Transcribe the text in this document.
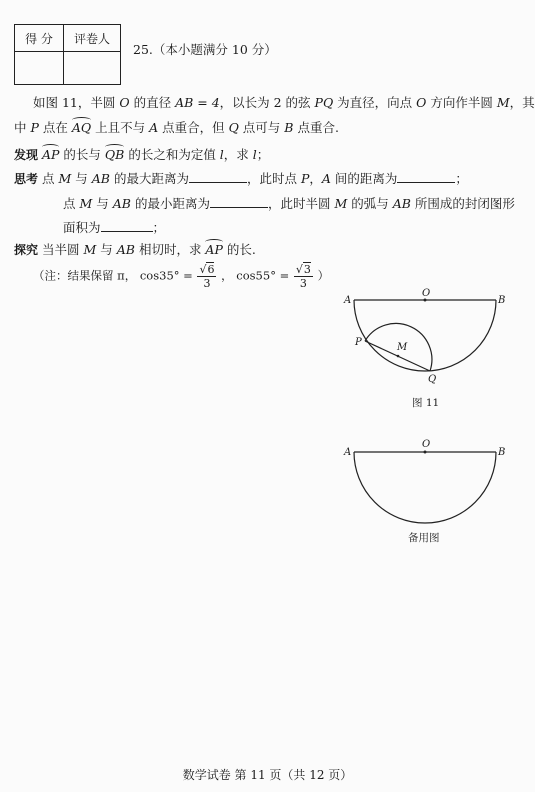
得 分	评卷人

25.（本小题满分 10 分）
如图 11，半圆 O 的直径 AB = 4，以长为 2 的弦 PQ 为直径，向点 O 方向作半圆 M，其
中 P 点在 AQ 上且不与 A 点重合，但 Q 点可与 B 点重合.
发现 AP 的长与 QB 的长之和为定值 l，求 l；
思考 点 M 与 AB 的最大距离为	，此时点 P，A 间的距离为	；
点 M 与 AB 的最小距离为	，此时半圆 M 的弧与 AB 所围成的封闭图形
面积为	；
探究 当半圆 M 与 AB 相切时，求 AP 的长.
（注：结果保留 π， $\cos 35^\circ = \frac{√6}{3}$ ， $\cos 55^\circ = \frac{√3}{3}$ ）
A
O
B
P	M
Q
图 11
A
O
B
备用图
数学试卷 第 11 页（共 12 页）
